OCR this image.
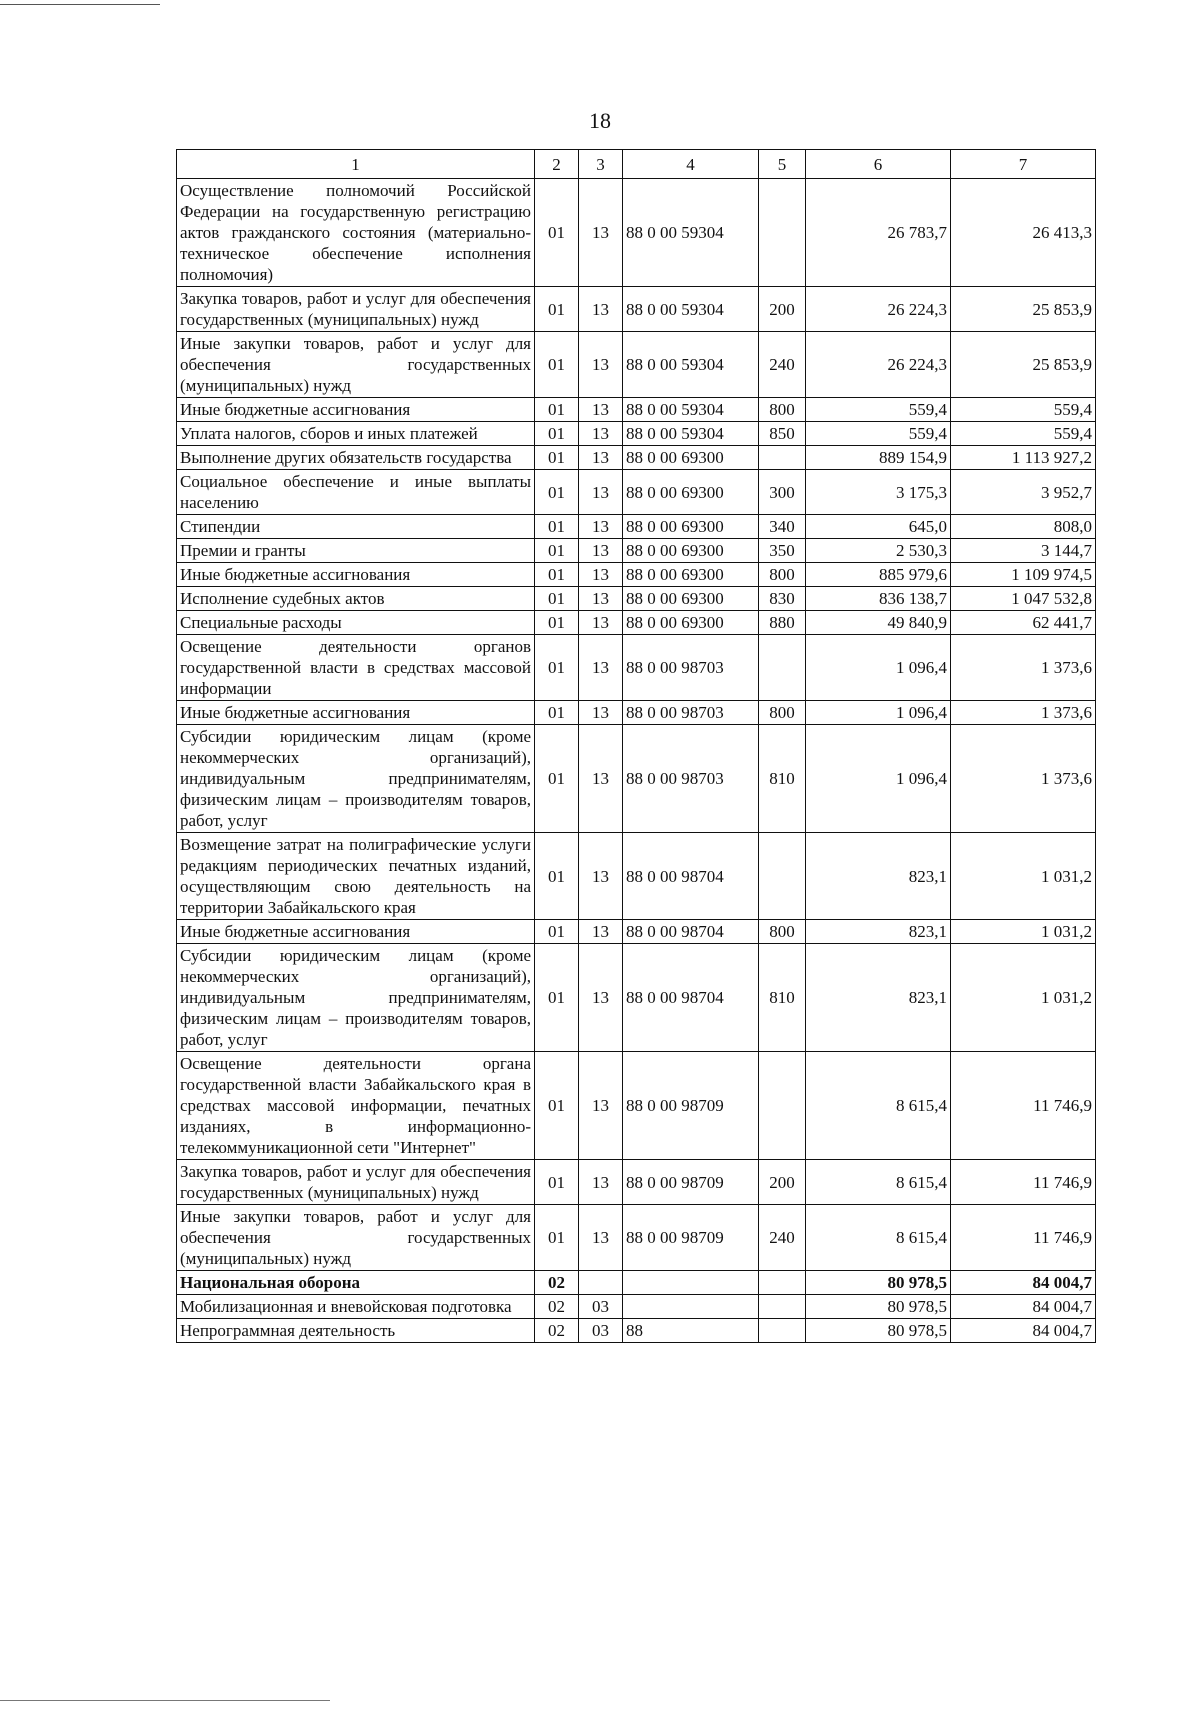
18
1	2	3	4	5	6	7
Осуществление полномочий Российской Федерации на государственную регистрацию актов гражданского состояния (материально-техническое обеспечение исполнения полномочия)	01	13	88 0 00 59304		26 783,7	26 413,3
Закупка товаров, работ и услуг для обеспечения государственных (муниципальных) нужд	01	13	88 0 00 59304	200	26 224,3	25 853,9
Иные закупки товаров, работ и услуг для обеспечения государственных (муниципальных) нужд	01	13	88 0 00 59304	240	26 224,3	25 853,9
Иные бюджетные ассигнования	01	13	88 0 00 59304	800	559,4	559,4
Уплата налогов, сборов и иных платежей	01	13	88 0 00 59304	850	559,4	559,4
Выполнение других обязательств государства	01	13	88 0 00 69300		889 154,9	1 113 927,2
Социальное обеспечение и иные выплаты населению	01	13	88 0 00 69300	300	3 175,3	3 952,7
Стипендии	01	13	88 0 00 69300	340	645,0	808,0
Премии и гранты	01	13	88 0 00 69300	350	2 530,3	3 144,7
Иные бюджетные ассигнования	01	13	88 0 00 69300	800	885 979,6	1 109 974,5
Исполнение судебных актов	01	13	88 0 00 69300	830	836 138,7	1 047 532,8
Специальные расходы	01	13	88 0 00 69300	880	49 840,9	62 441,7
Освещение деятельности органов государственной власти в средствах массовой информации	01	13	88 0 00 98703		1 096,4	1 373,6
Иные бюджетные ассигнования	01	13	88 0 00 98703	800	1 096,4	1 373,6
Субсидии юридическим лицам (кроме некоммерческих организаций), индивидуальным предпринимателям, физическим лицам – производителям товаров, работ, услуг	01	13	88 0 00 98703	810	1 096,4	1 373,6
Возмещение затрат на полиграфические услуги редакциям периодических печатных изданий, осуществляющим свою деятельность на территории Забайкальского края	01	13	88 0 00 98704		823,1	1 031,2
Иные бюджетные ассигнования	01	13	88 0 00 98704	800	823,1	1 031,2
Субсидии юридическим лицам (кроме некоммерческих организаций), индивидуальным предпринимателям, физическим лицам – производителям товаров, работ, услуг	01	13	88 0 00 98704	810	823,1	1 031,2
Освещение деятельности органа государственной власти Забайкальского края в средствах массовой информации, печатных изданиях, в информационно-телекоммуникационной сети "Интернет"	01	13	88 0 00 98709		8 615,4	11 746,9
Закупка товаров, работ и услуг для обеспечения государственных (муниципальных) нужд	01	13	88 0 00 98709	200	8 615,4	11 746,9
Иные закупки товаров, работ и услуг для обеспечения государственных (муниципальных) нужд	01	13	88 0 00 98709	240	8 615,4	11 746,9
Национальная оборона	02				80 978,5	84 004,7
Мобилизационная и вневойсковая подготовка	02	03			80 978,5	84 004,7
Непрограммная деятельность	02	03	88		80 978,5	84 004,7
